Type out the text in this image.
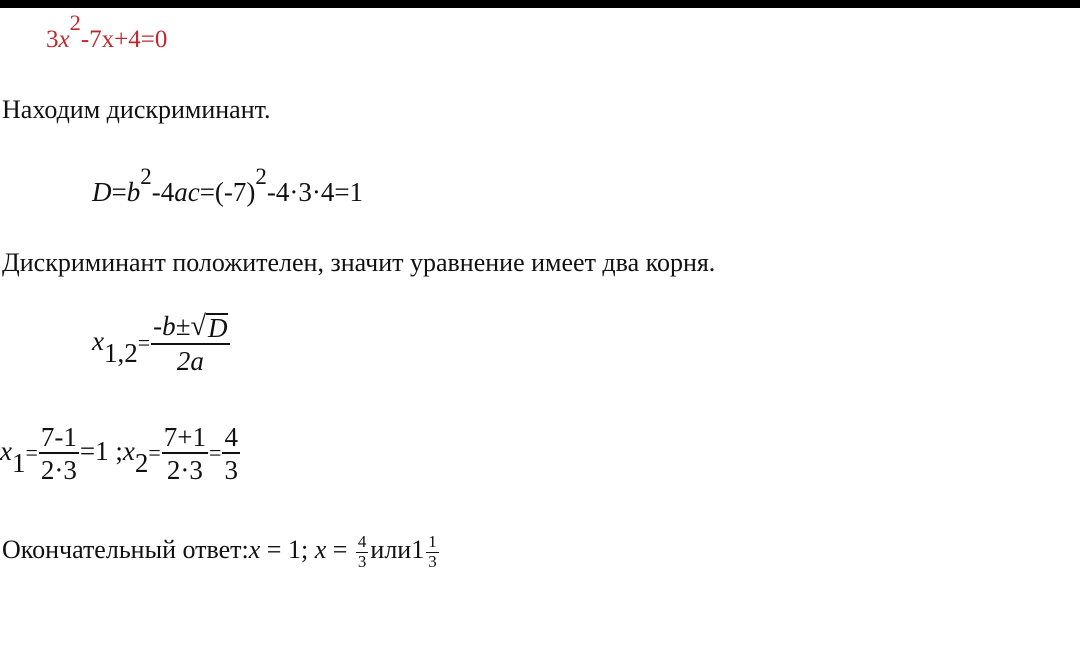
3x2-7x+4=0
Находим дискриминант.
$D=b^2-4ac=(-7)^2-4\cdot 3\cdot 4=1$
Дискриминант положителен, значит уравнение имеет два корня.
$x1,2= \frac{-b\pm √ D}{2a}$
$x1= \frac{7-1}{2\cdot 3} =1$ ;x2= $\frac{7+1}{2\cdot 3} = \frac{4}{3}$
Окончательный ответ:x = 1; $x = \frac{4}{3} или1 \frac{1}{3}$
